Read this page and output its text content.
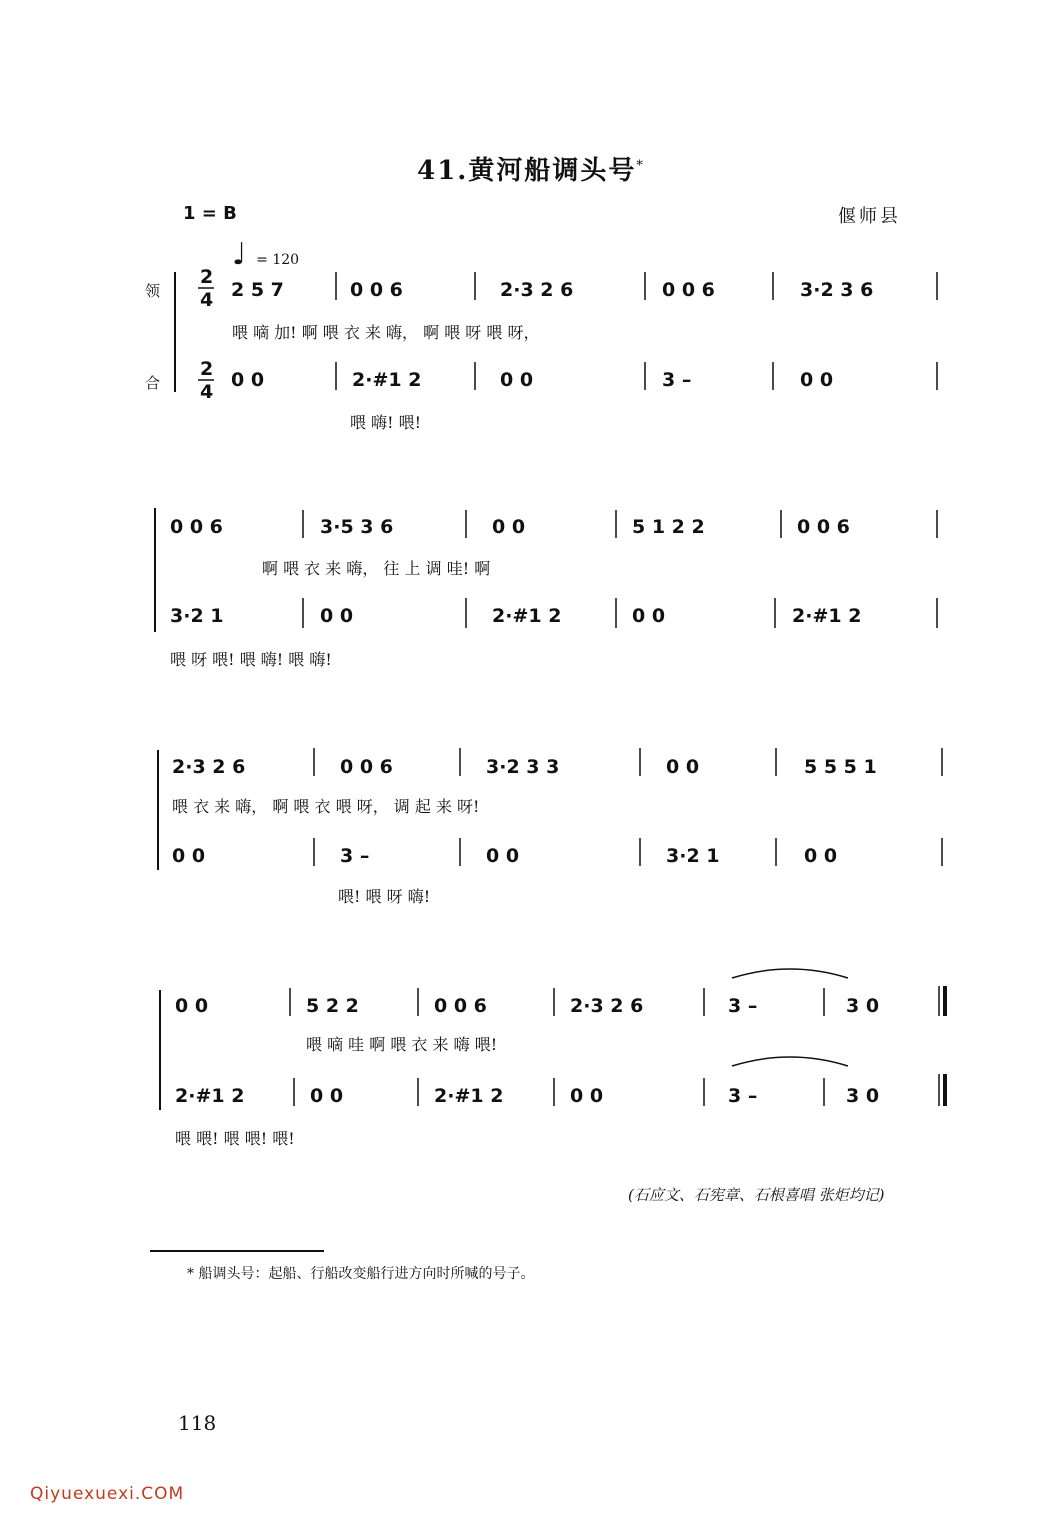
41.黄河船调头号*
1 = B	偃师县
♩ = 120
领
合
2
4 2 5 7	0 0 6	2·3 2 6	0 0 6	3·2 3 6
喂 嘀 加! 啊 喂 衣 来 嗨， 啊 喂 呀 喂 呀，
2
4
0 0	2·#1 2	0 0	3 –	0 0
喂 嗨! 喂!
0 0 6	3·5 3 6	0 0	5 1 2 2	0 0 6
啊 喂 衣 来 嗨， 往 上 调 哇! 啊
3·2 1	0 0	2·#1 2	0 0	2·#1 2
喂 呀 喂! 喂 嗨! 喂 嗨!
2·3 2 6	0 0 6	3·2 3 3	0 0	5 5 5 1
喂 衣 来 嗨， 啊 喂 衣 喂 呀， 调 起 来 呀!
0 0	3 –	0 0	3·2 1	0 0
喂! 喂 呀 嗨!
0 0	5 2 2	0 0 6	2·3 2 6	3 –	3 0
喂 嘀 哇 啊 喂 衣 来 嗨 喂!
2·#1 2	0 0	2·#1 2	0 0	3 –	3 0
喂 喂! 喂 喂! 喂!
(石应文、石宪章、石根喜唱 张炬均记)
* 船调头号：起船、行船改变船行进方向时所喊的号子。
118
Qiyuexuexi.COM
